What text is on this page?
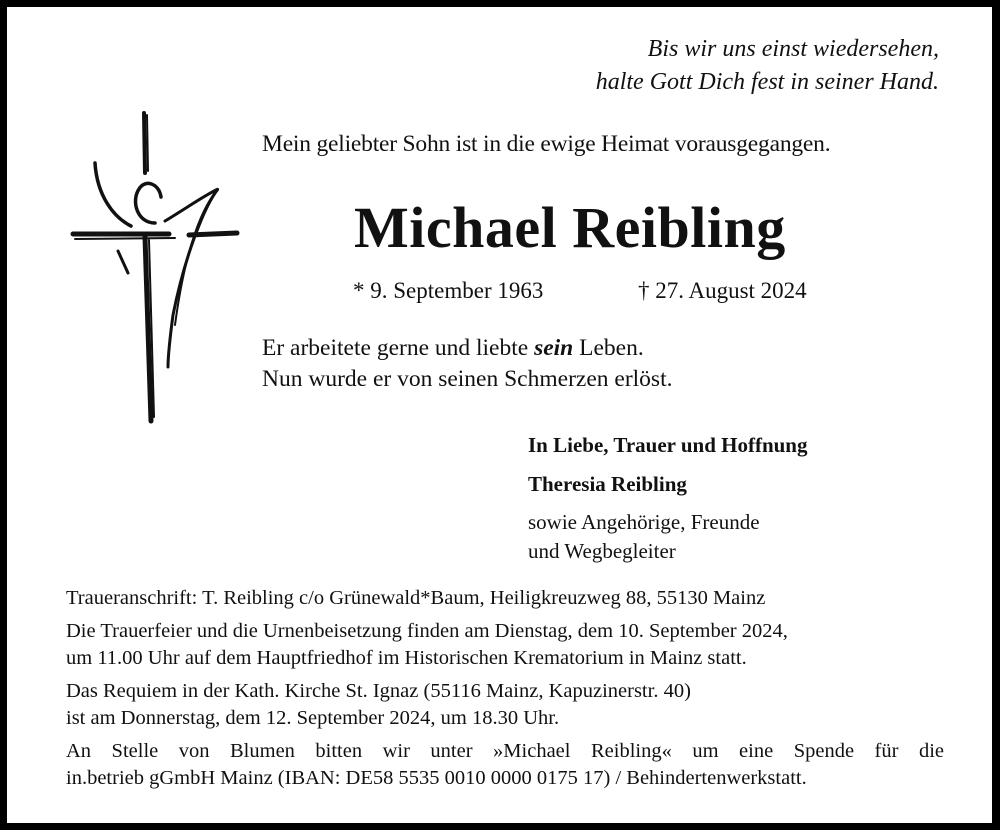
Bis wir uns einst wiedersehen,
halte Gott Dich fest in seiner Hand.
Mein geliebter Sohn ist in die ewige Heimat vorausgegangen.
Michael Reibling
* 9. September 1963	† 27. August 2024
Er arbeitete gerne und liebte sein Leben.
Nun wurde er von seinen Schmerzen erlöst.
In Liebe, Trauer und Hoffnung
Theresia Reibling
sowie Angehörige, Freunde
und Wegbegleiter
Traueranschrift: T. Reibling c/o Grünewald*Baum, Heiligkreuzweg 88, 55130 Mainz
Die Trauerfeier und die Urnenbeisetzung finden am Dienstag, dem 10. September 2024,
um 11.00 Uhr auf dem Hauptfriedhof im Historischen Krematorium in Mainz statt.
Das Requiem in der Kath. Kirche St. Ignaz (55116 Mainz, Kapuzinerstr. 40)
ist am Donnerstag, dem 12. September 2024, um 18.30 Uhr.
An Stelle von Blumen bitten wir unter »Michael Reibling« um eine Spende für die
in.betrieb gGmbH Mainz (IBAN: DE58 5535 0010 0000 0175 17) / Behindertenwerkstatt.
